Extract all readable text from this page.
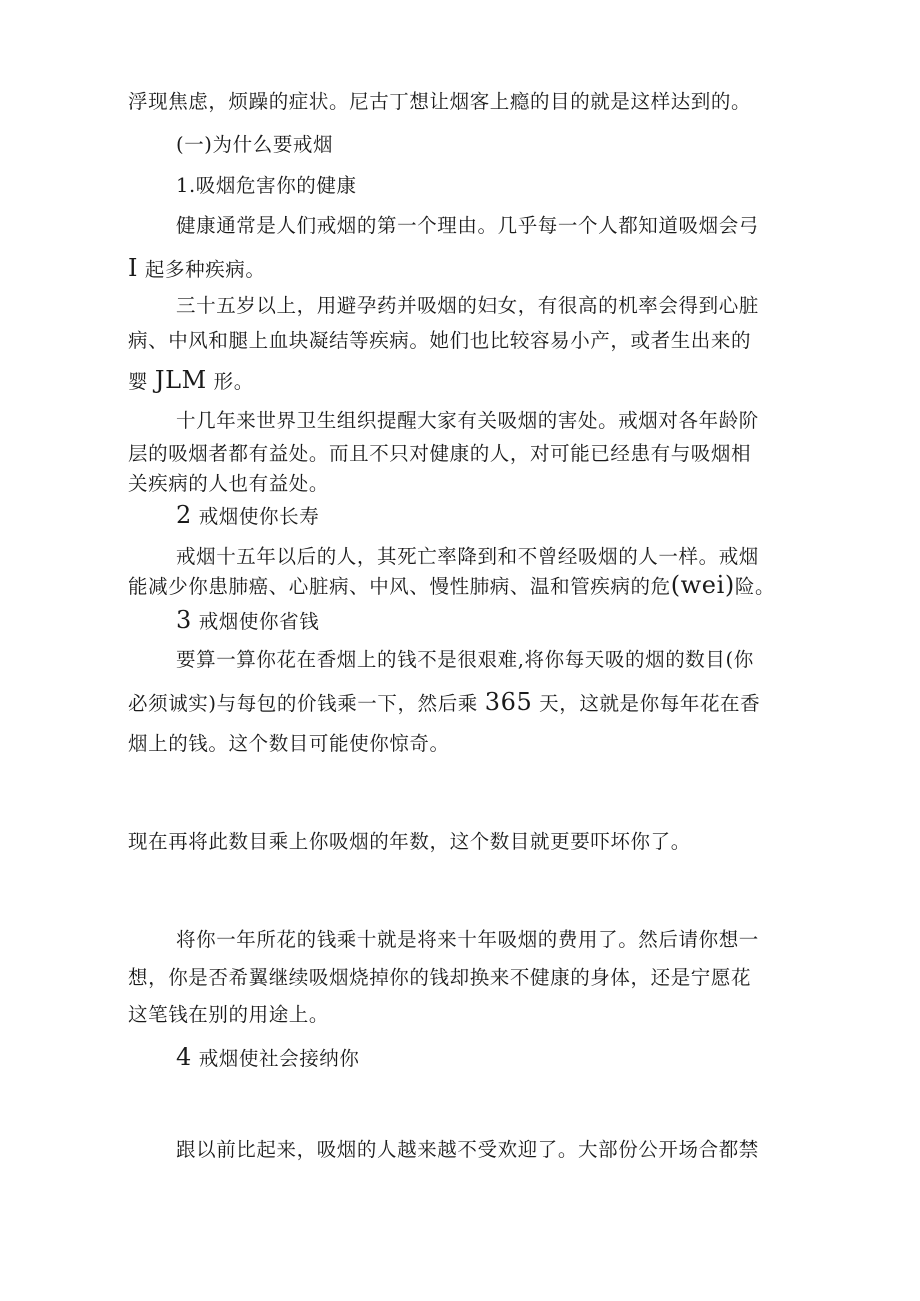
浮现焦虑，烦躁的症状。尼古丁想让烟客上瘾的目的就是这样达到的。
(一)为什么要戒烟
1.吸烟危害你的健康
健康通常是人们戒烟的第一个理由。几乎每一个人都知道吸烟会弓
I 起多种疾病。
三十五岁以上，用避孕药并吸烟的妇女，有很高的机率会得到心脏
病、中风和腿上血块凝结等疾病。她们也比较容易小产，或者生出来的
婴 JLM 形。
十几年来世界卫生组织提醒大家有关吸烟的害处。戒烟对各年龄阶
层的吸烟者都有益处。而且不只对健康的人，对可能已经患有与吸烟相
关疾病的人也有益处。
2 戒烟使你长寿
戒烟十五年以后的人，其死亡率降到和不曾经吸烟的人一样。戒烟
能减少你患肺癌、心脏病、中风、慢性肺病、温和管疾病的危(wei)险。
3 戒烟使你省钱
要算一算你花在香烟上的钱不是很艰难,将你每天吸的烟的数目(你
必须诚实)与每包的价钱乘一下，然后乘 365 天，这就是你每年花在香
烟上的钱。这个数目可能使你惊奇。
现在再将此数目乘上你吸烟的年数，这个数目就更要吓坏你了。
将你一年所花的钱乘十就是将来十年吸烟的费用了。然后请你想一
想，你是否希翼继续吸烟烧掉你的钱却换来不健康的身体，还是宁愿花
这笔钱在别的用途上。
4 戒烟使社会接纳你
跟以前比起来，吸烟的人越来越不受欢迎了。大部份公开场合都禁
